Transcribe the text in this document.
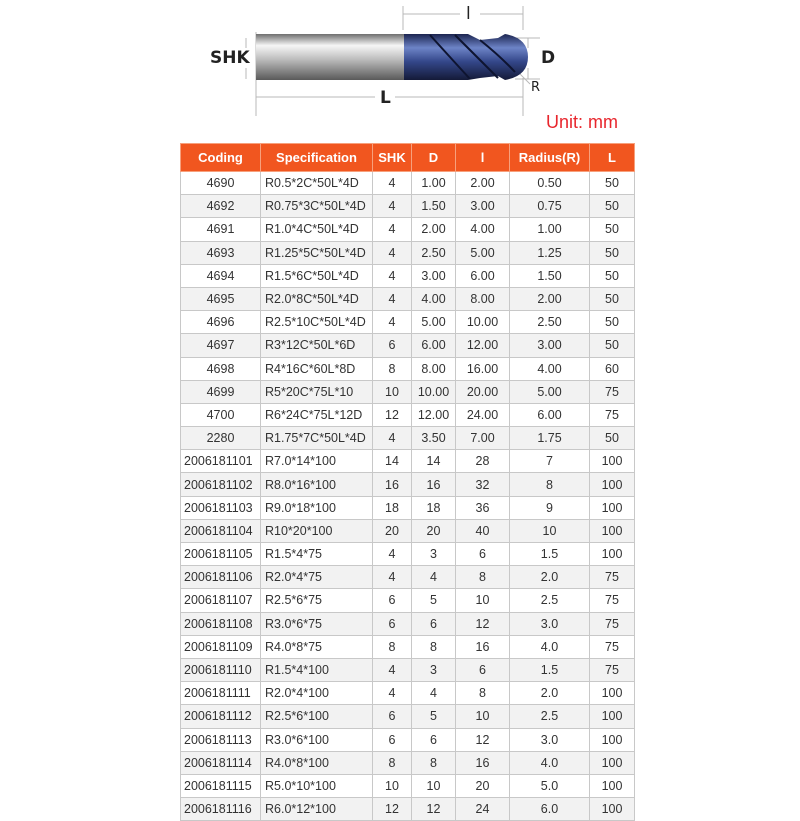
SHK
l
D
L
R
Unit: mm
Coding	Specification	SHK	D	l	Radius(R)	L
4690	R0.5*2C*50L*4D	4	1.00	2.00	0.50	50
4692	R0.75*3C*50L*4D	4	1.50	3.00	0.75	50
4691	R1.0*4C*50L*4D	4	2.00	4.00	1.00	50
4693	R1.25*5C*50L*4D	4	2.50	5.00	1.25	50
4694	R1.5*6C*50L*4D	4	3.00	6.00	1.50	50
4695	R2.0*8C*50L*4D	4	4.00	8.00	2.00	50
4696	R2.5*10C*50L*4D	4	5.00	10.00	2.50	50
4697	R3*12C*50L*6D	6	6.00	12.00	3.00	50
4698	R4*16C*60L*8D	8	8.00	16.00	4.00	60
4699	R5*20C*75L*10	10	10.00	20.00	5.00	75
4700	R6*24C*75L*12D	12	12.00	24.00	6.00	75
2280	R1.75*7C*50L*4D	4	3.50	7.00	1.75	50
2006181101	R7.0*14*100	14	14	28	7	100
2006181102	R8.0*16*100	16	16	32	8	100
2006181103	R9.0*18*100	18	18	36	9	100
2006181104	R10*20*100	20	20	40	10	100
2006181105	R1.5*4*75	4	3	6	1.5	100
2006181106	R2.0*4*75	4	4	8	2.0	75
2006181107	R2.5*6*75	6	5	10	2.5	75
2006181108	R3.0*6*75	6	6	12	3.0	75
2006181109	R4.0*8*75	8	8	16	4.0	75
2006181110	R1.5*4*100	4	3	6	1.5	75
2006181111	R2.0*4*100	4	4	8	2.0	100
2006181112	R2.5*6*100	6	5	10	2.5	100
2006181113	R3.0*6*100	6	6	12	3.0	100
2006181114	R4.0*8*100	8	8	16	4.0	100
2006181115	R5.0*10*100	10	10	20	5.0	100
2006181116	R6.0*12*100	12	12	24	6.0	100
